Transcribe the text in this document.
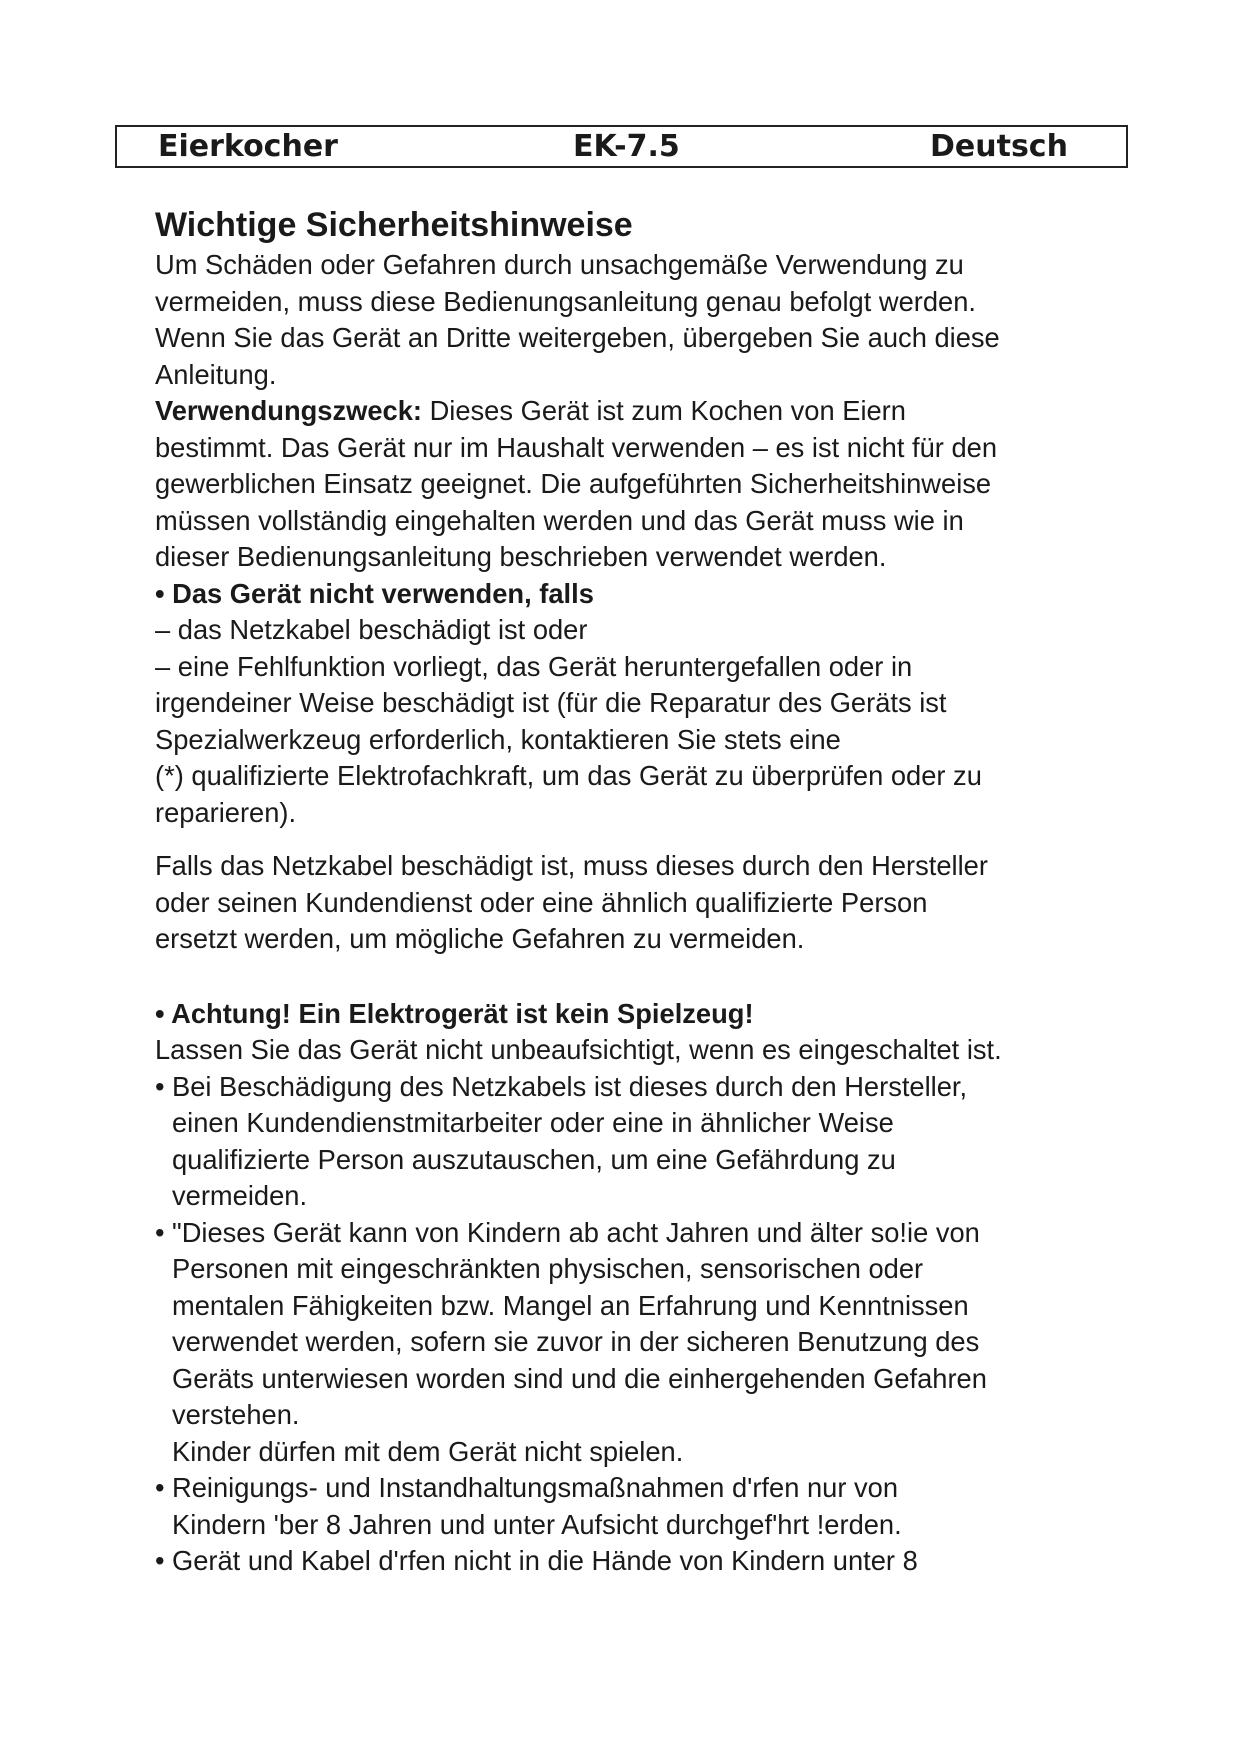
Eierkocher	EK-7.5	Deutsch
Wichtige Sicherheitshinweise

Um Schäden oder Gefahren durch unsachgemäße Verwendung zu

vermeiden, muss diese Bedienungsanleitung genau befolgt werden.

Wenn Sie das Gerät an Dritte weitergeben, übergeben Sie auch diese

Anleitung.

Verwendungszweck: Dieses Gerät ist zum Kochen von Eiern

bestimmt. Das Gerät nur im Haushalt verwenden – es ist nicht für den

gewerblichen Einsatz geeignet. Die aufgeführten Sicherheitshinweise

müssen vollständig eingehalten werden und das Gerät muss wie in

dieser Bedienungsanleitung beschrieben verwendet werden.

• Das Gerät nicht verwenden, falls

– das Netzkabel beschädigt ist oder

– eine Fehlfunktion vorliegt, das Gerät heruntergefallen oder in

irgendeiner Weise beschädigt ist (für die Reparatur des Geräts ist

Spezialwerkzeug erforderlich, kontaktieren Sie stets eine

(*) qualifizierte Elektrofachkraft, um das Gerät zu überprüfen oder zu

reparieren).

Falls das Netzkabel beschädigt ist, muss dieses durch den Hersteller

oder seinen Kundendienst oder eine ähnlich qualifizierte Person

ersetzt werden, um mögliche Gefahren zu vermeiden.

• Achtung! Ein Elektrogerät ist kein Spielzeug!

Lassen Sie das Gerät nicht unbeaufsichtigt, wenn es eingeschaltet ist.

• Bei Beschädigung des Netzkabels ist dieses durch den Hersteller,

einen Kundendienstmitarbeiter oder eine in ähnlicher Weise

qualifizierte Person auszutauschen, um eine Gefährdung zu

vermeiden.

• "Dieses Gerät kann von Kindern ab acht Jahren und älter so!ie von

Personen mit eingeschränkten physischen, sensorischen oder

mentalen Fähigkeiten bzw. Mangel an Erfahrung und Kenntnissen

verwendet werden, sofern sie zuvor in der sicheren Benutzung des

Geräts unterwiesen worden sind und die einhergehenden Gefahren

verstehen.

Kinder dürfen mit dem Gerät nicht spielen.

• Reinigungs- und Instandhaltungsmaßnahmen d'rfen nur von

Kindern 'ber 8 Jahren und unter Aufsicht durchgef'hrt !erden.

• Gerät und Kabel d'rfen nicht in die Hände von Kindern unter 8
